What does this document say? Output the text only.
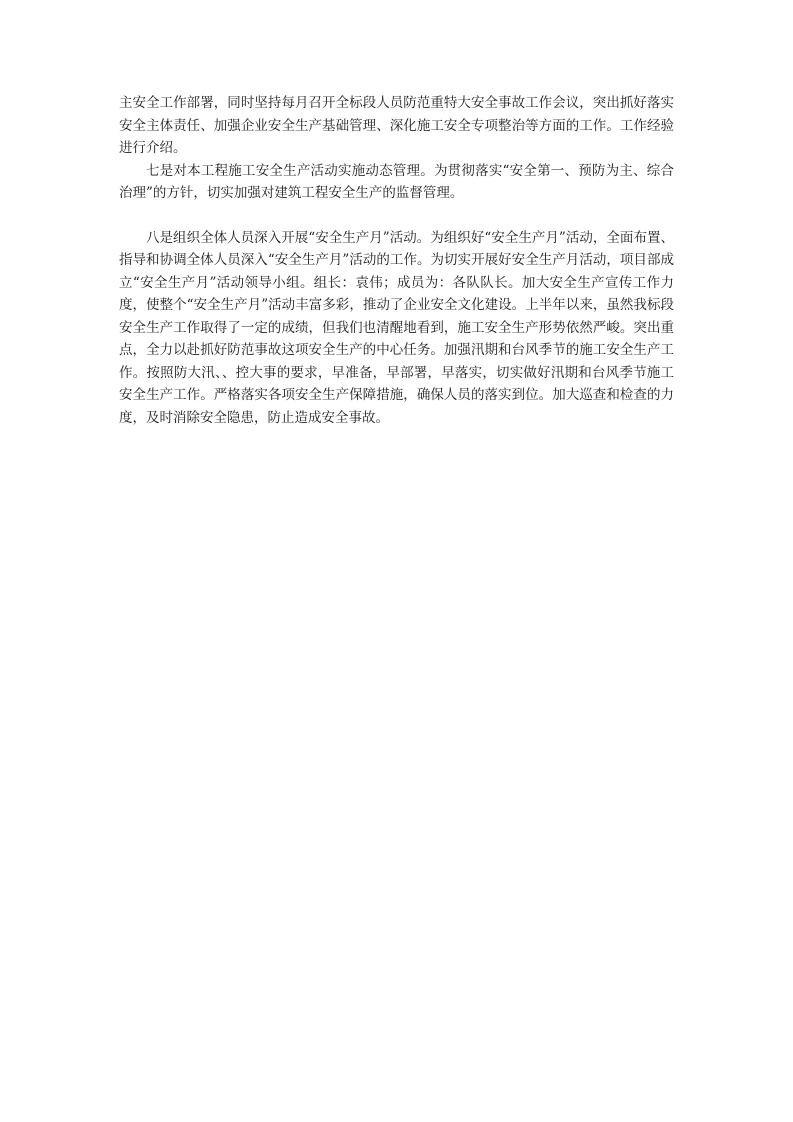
主安全工作部署，同时坚持每月召开全标段人员防范重特大安全事故工作会议，突出抓好落实安全主体责任、加强企业安全生产基础管理、深化施工安全专项整治等方面的工作。工作经验进行介绍。

七是对本工程施工安全生产活动实施动态管理。为贯彻落实“安全第一、预防为主、综合治理”的方针，切实加强对建筑工程安全生产的监督管理。

八是组织全体人员深入开展“安全生产月”活动。为组织好“安全生产月”活动，全面布置、指导和协调全体人员深入“安全生产月”活动的工作。为切实开展好安全生产月活动，项目部成立“安全生产月”活动领导小组。组长：袁伟；成员为：各队队长。加大安全生产宣传工作力度，使整个“安全生产月”活动丰富多彩，推动了企业安全文化建设。上半年以来，虽然我标段安全生产工作取得了一定的成绩，但我们也清醒地看到，施工安全生产形势依然严峻。突出重点，全力以赴抓好防范事故这项安全生产的中心任务。加强汛期和台风季节的施工安全生产工作。按照防大汛、、控大事的要求，早准备，早部署，早落实，切实做好汛期和台风季节施工安全生产工作。严格落实各项安全生产保障措施，确保人员的落实到位。加大巡查和检查的力度，及时消除安全隐患，防止造成安全事故。
